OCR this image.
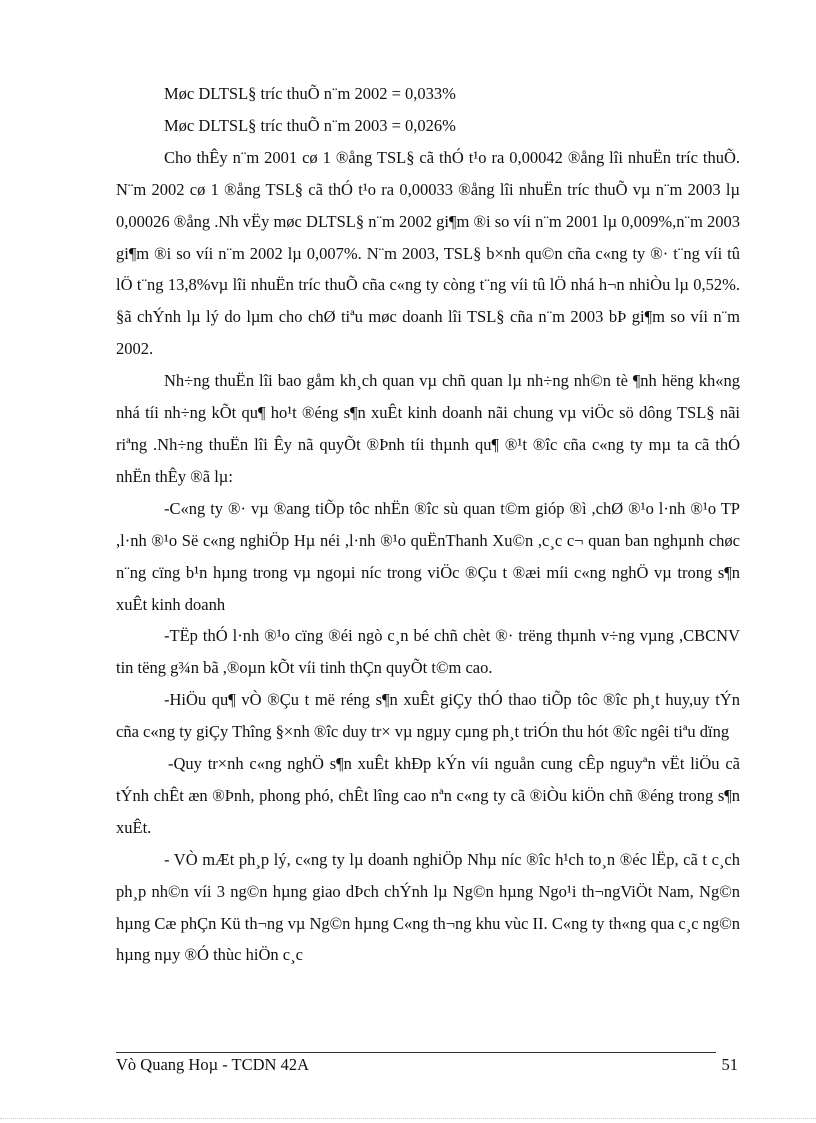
Møc DLTSL§ tríc thuÕ n¨m 2002 = 0,033%

Møc DLTSL§ tríc thuÕ n¨m 2003 = 0,026%

Cho thÊy n¨m 2001 cø 1 ®ång TSL§ cã thÓ t¹o ra 0,00042 ®ång lîi nhuËn tríc thuÕ. N¨m 2002 cø 1 ®ång TSL§ cã thÓ t¹o ra 0,00033 ®ång lîi nhuËn tríc thuÕ vµ n¨m 2003 lµ 0,00026 ®ång .Nh vËy møc DLTSL§ n¨m 2002 gi¶m ®i so víi n¨m 2001 lµ 0,009%,n¨m 2003 gi¶m ®i so víi n¨m 2002 lµ 0,007%. N¨m 2003, TSL§ b×nh qu©n cña c«ng ty ®· t¨ng víi tû lÖ t¨ng 13,8%vµ lîi nhuËn tríc thuÕ cña c«ng ty còng t¨ng víi tû lÖ nhá h¬n nhiÒu lµ 0,52%. §ã chÝnh lµ lý do lµm cho chØ tiªu møc doanh lîi TSL§ cña n¨m 2003 bÞ gi¶m so víi n¨m 2002.

Nh÷ng thuËn lîi bao gåm kh¸ch quan vµ chñ quan lµ nh÷ng nh©n tè ¶nh hëng kh«ng nhá tíi nh÷ng kÕt qu¶ ho¹t ®éng s¶n xuÊt kinh doanh nãi chung vµ viÖc sö dông TSL§ nãi riªng .Nh÷ng thuËn lîi Êy nã quyÕt ®Þnh tíi thµnh qu¶ ®¹t ®îc cña c«ng ty mµ ta cã thÓ nhËn thÊy ®ã lµ:

-C«ng ty ®· vµ ®ang tiÕp tôc nhËn ®îc sù quan t©m gióp ®ì ,chØ ®¹o l·nh ®¹o TP ,l·nh ®¹o Së c«ng nghiÖp Hµ néi ,l·nh ®¹o quËnThanh Xu©n ,c¸c c¬ quan ban nghµnh chøc n¨ng cïng b¹n hµng trong vµ ngoµi níc trong viÖc ®Çu t ®æi míi c«ng nghÖ vµ trong s¶n xuÊt kinh doanh

-TËp thÓ l·nh ®¹o cïng ®éi ngò c¸n bé chñ chèt ®· trëng thµnh v÷ng vµng ,CBCNV tin tëng g¾n bã ,®oµn kÕt víi tinh thÇn quyÕt t©m cao.

-HiÖu qu¶ vÒ ®Çu t më réng s¶n xuÊt giÇy thÓ thao tiÕp tôc ®îc ph¸t huy,uy tÝn cña c«ng ty giÇy Thîng §×nh ®îc duy tr× vµ ngµy cµng ph¸t triÓn thu hót ®îc ngêi tiªu dïng

-Quy tr×nh c«ng nghÖ s¶n xuÊt khÐp kÝn víi nguån cung cÊp nguyªn vËt liÖu cã tÝnh chÊt æn ®Þnh, phong phó, chÊt lîng cao nªn c«ng ty cã ®iÒu kiÖn chñ ®éng trong s¶n xuÊt.

- VÒ mÆt ph¸p lý, c«ng ty lµ doanh nghiÖp Nhµ níc ®îc h¹ch to¸n ®éc lËp, cã t c¸ch ph¸p nh©n víi 3 ng©n hµng giao dÞch chÝnh lµ Ng©n hµng Ngo¹i th¬ngViÖt Nam, Ng©n hµng Cæ phÇn Kü th¬ng vµ Ng©n hµng C«ng th¬ng khu vùc II. C«ng ty th«ng qua c¸c ng©n hµng nµy ®Ó thùc hiÖn c¸c

Vò Quang Hoµ - TCDN 42A	51
